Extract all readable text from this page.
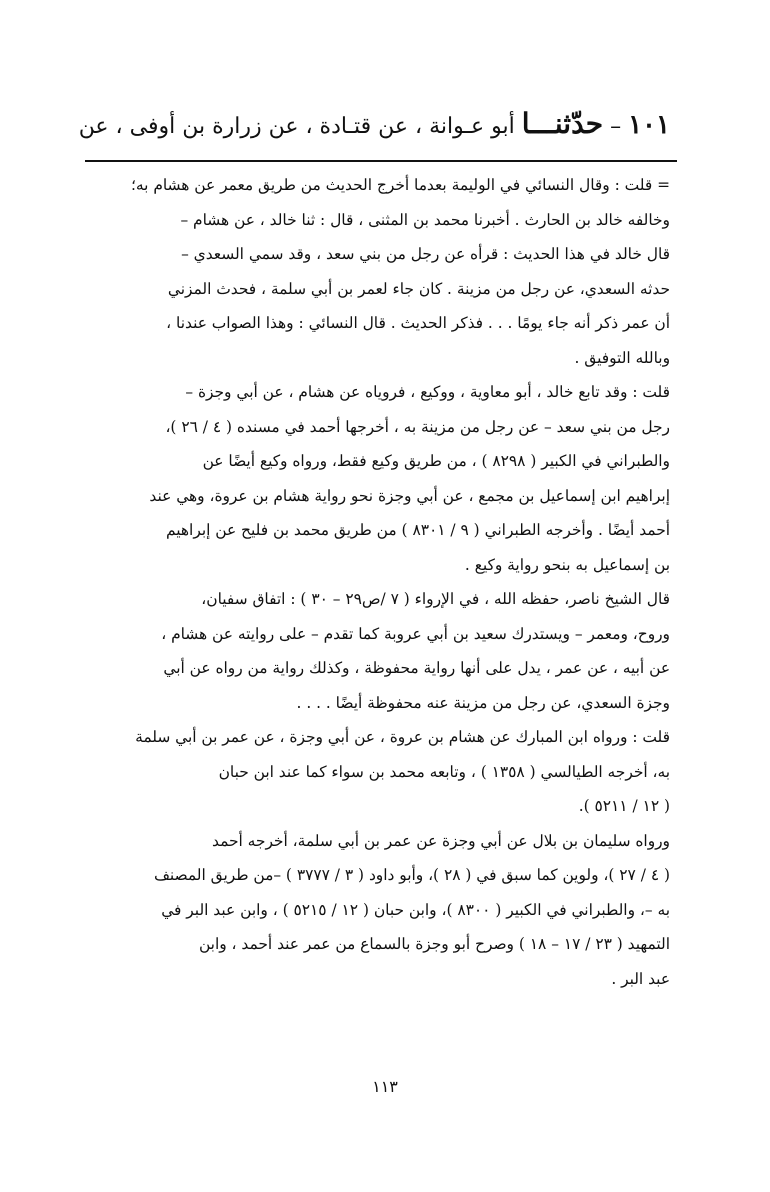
١٠١ – حدّثنـــا أبو عـوانة ، عن قتـادة ، عن زرارة بن أوفى ، عن
= قلت : وقال النسائي في الوليمة بعدما أخرج الحديث من طريق معمر عن هشام به؛
وخالفه خالد بن الحارث . أخبرنا محمد بن المثنى ، قال : ثنا خالد ، عن هشام –
قال خالد في هذا الحديث : قرأه عن رجل من بني سعد ، وقد سمي السعدي –
حدثه السعدي، عن رجل من مزينة . كان جاء لعمر بن أبي سلمة ، فحدث المزني
أن عمر ذكر أنه جاء يومًا . . . فذكر الحديث . قال النسائي : وهذا الصواب عندنا ،
وبالله التوفيق .
قلت : وقد تابع خالد ، أبو معاوية ، ووكيع ، فروياه عن هشام ، عن أبي وجزة –
رجل من بني سعد – عن رجل من مزينة به ، أخرجها أحمد في مسنده ( ٤ / ٢٦ )،
والطبراني في الكبير ( ٨٢٩٨ ) ، من طريق وكيع فقط، ورواه وكيع أيضًا عن
إبراهيم ابن إسماعيل بن مجمع ، عن أبي وجزة نحو رواية هشام بن عروة، وهي عند
أحمد أيضًا . وأخرجه الطبراني ( ٩ / ٨٣٠١ ) من طريق محمد بن فليح عن إبراهيم
بن إسماعيل به بنحو رواية وكيع .
قال الشيخ ناصر، حفظه الله ، في الإرواء ( ٧ /ص٢٩ – ٣٠ ) : اتفاق سفيان،
وروح، ومعمر – ويستدرك سعيد بن أبي عروبة كما تقدم – على روايته عن هشام ،
عن أبيه ، عن عمر ، يدل على أنها رواية محفوظة ، وكذلك رواية من رواه عن أبي
وجزة السعدي، عن رجل من مزينة عنه محفوظة أيضًا . . . .
قلت : ورواه ابن المبارك عن هشام بن عروة ، عن أبي وجزة ، عن عمر بن أبي سلمة
به، أخرجه الطيالسي ( ١٣٥٨ ) ، وتابعه محمد بن سواء كما عند ابن حبان
( ١٢ / ٥٢١١ ).
ورواه سليمان بن بلال عن أبي وجزة عن عمر بن أبي سلمة، أخرجه أحمد
( ٤ / ٢٧ )، ولوين كما سبق في ( ٢٨ )، وأبو داود ( ٣ / ٣٧٧٧ ) –من طريق المصنف
به –، والطبراني في الكبير ( ٨٣٠٠ )، وابن حبان ( ١٢ / ٥٢١٥ ) ، وابن عبد البر في
التمهيد ( ٢٣ / ١٧ – ١٨ ) وصرح أبو وجزة بالسماع من عمر عند أحمد ، وابن
عبد البر .
١١٣
